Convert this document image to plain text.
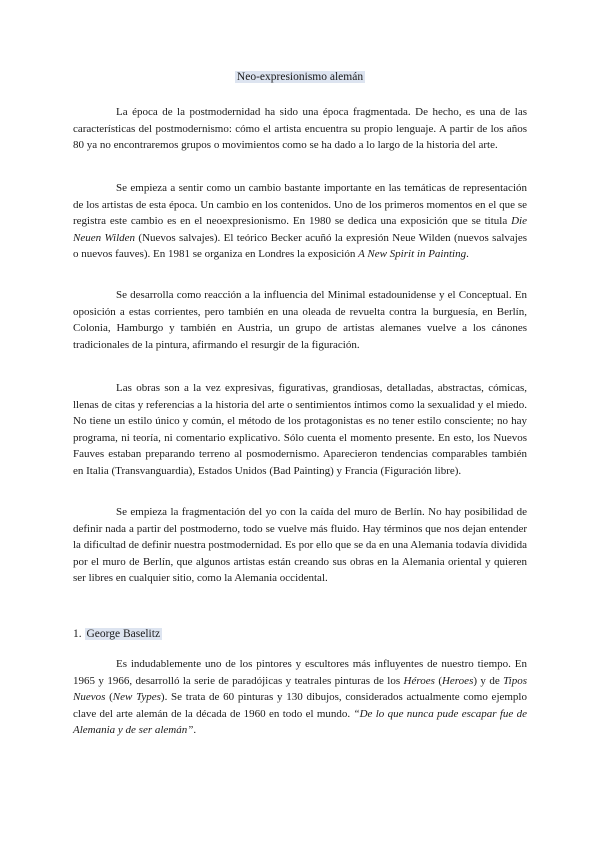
Neo-expresionismo alemán

La época de la postmodernidad ha sido una época fragmentada. De hecho, es una de las características del postmodernismo: cómo el artista encuentra su propio lenguaje. A partir de los años 80 ya no encontraremos grupos o movimientos como se ha dado a lo largo de la historia del arte.

Se empieza a sentir como un cambio bastante importante en las temáticas de representación de los artistas de esta época. Un cambio en los contenidos. Uno de los primeros momentos en el que se registra este cambio es en el neoexpresionismo. En 1980 se dedica una exposición que se titula Die Neuen Wilden (Nuevos salvajes). El teórico Becker acuñó la expresión Neue Wilden (nuevos salvajes o nuevos fauves). En 1981 se organiza en Londres la exposición A New Spirit in Painting.

Se desarrolla como reacción a la influencia del Minimal estadounidense y el Conceptual. En oposición a estas corrientes, pero también en una oleada de revuelta contra la burguesía, en Berlín, Colonia, Hamburgo y también en Austria, un grupo de artistas alemanes vuelve a los cánones tradicionales de la pintura, afirmando el resurgir de la figuración.

Las obras son a la vez expresivas, figurativas, grandiosas, detalladas, abstractas, cómicas, llenas de citas y referencias a la historia del arte o sentimientos íntimos como la sexualidad y el miedo. No tiene un estilo único y común, el método de los protagonistas es no tener estilo consciente; no hay programa, ni teoría, ni comentario explicativo. Sólo cuenta el momento presente. En esto, los Nuevos Fauves estaban preparando terreno al posmodernismo. Aparecieron tendencias comparables también en Italia (Transvanguardia), Estados Unidos (Bad Painting) y Francia (Figuración libre).

Se empieza la fragmentación del yo con la caída del muro de Berlín. No hay posibilidad de definir nada a partir del postmoderno, todo se vuelve más fluido. Hay términos que nos dejan entender la dificultad de definir nuestra postmodernidad. Es por ello que se da en una Alemania todavía dividida por el muro de Berlín, que algunos artistas están creando sus obras en la Alemania oriental y quieren ser libres en cualquier sitio, como la Alemania occidental.

1. George Baselitz

Es indudablemente uno de los pintores y escultores más influyentes de nuestro tiempo. En 1965 y 1966, desarrolló la serie de paradójicas y teatrales pinturas de los Héroes (Heroes) y de Tipos Nuevos (New Types). Se trata de 60 pinturas y 130 dibujos, considerados actualmente como ejemplo clave del arte alemán de la década de 1960 en todo el mundo. “De lo que nunca pude escapar fue de Alemania y de ser alemán”.
